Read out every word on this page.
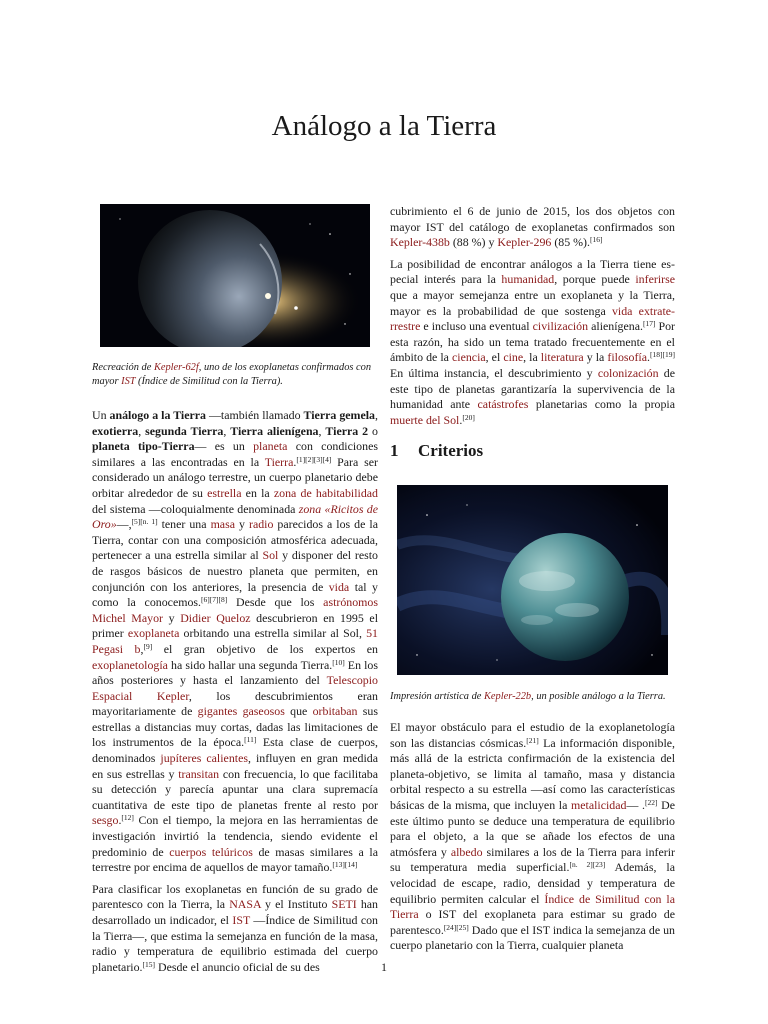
Análogo a la Tierra
Recreación de Kepler-62f, uno de los exoplanetas confirmados con mayor IST (Índice de Similitud con la Tierra).

Un análogo a la Tierra —también llamado Tierra gemela, exotierra, segunda Tierra, Tierra alienígena, Tierra 2 o planeta tipo-Tierra— es un planeta con condiciones similares a las encontradas en la Tierra.[1][2][3][4] Para ser considerado un análogo terrestre, un cuerpo planetario debe orbitar alrededor de su estrella en la zona de habitabilidad del sistema —coloquialmente denominada zona «Ricitos de Oro»—,[5][n. 1] tener una masa y radio parecidos a los de la Tierra, contar con una composición atmosférica adecuada, pertenecer a una estrella similar al Sol y disponer del resto de rasgos básicos de nuestro planeta que permiten, en conjunción con los anteriores, la presencia de vida tal y como la conocemos.[6][7][8] Desde que los astrónomos Michel Mayor y Didier Queloz descubrieron en 1995 el primer exoplaneta orbitando una estrella similar al Sol, 51 Pegasi b,[9] el gran objetivo de los expertos en exoplanetología ha sido hallar una segunda Tierra.[10] En los años posteriores y hasta el lanzamiento del Telescopio Espacial Kepler, los descubrimientos eran mayoritariamente de gigantes gaseosos que orbitaban sus estrellas a distancias muy cortas, dadas las limitaciones de los instrumentos de la época.[11] Esta clase de cuerpos, denominados jupíteres calientes, influyen en gran medida en sus estrellas y transitan con frecuencia, lo que facilitaba su detección y parecía apuntar una clara supremacía cuantitativa de este tipo de planetas frente al resto por sesgo.[12] Con el tiempo, la mejora en las herramientas de investigación invirtió la tendencia, siendo evidente el predominio de cuerpos telúricos de masas similares a la terrestre por encima de aquellos de mayor tamaño.[13][14]

Para clasificar los exoplanetas en función de su grado de parentesco con la Tierra, la NASA y el Instituto SETI han desarrollado un indicador, el IST —Índice de Similitud con la Tierra—, que estima la semejanza en función de la masa, radio y temperatura de equilibrio estimada del cuerpo planetario.[15] Desde el anuncio oficial de su des

cubrimiento el 6 de junio de 2015, los dos objetos con mayor IST del catálogo de exoplanetas confirmados son Kepler-438b (88 %) y Kepler-296 (85 %).[16]

La posibilidad de encontrar análogos a la Tierra tiene especial interés para la humanidad, porque puede inferirse que a mayor semejanza entre un exoplaneta y la Tierra, mayor es la probabilidad de que sostenga vida extraterrestre e incluso una eventual civilización alienígena.[17] Por esta razón, ha sido un tema tratado frecuentemente en el ámbito de la ciencia, el cine, la literatura y la filosofía.[18][19] En última instancia, el descubrimiento y colonización de este tipo de planetas garantizaría la supervivencia de la humanidad ante catástrofes planetarias como la propia muerte del Sol.[20]

1 Criterios
Impresión artística de Kepler-22b, un posible análogo a la Tierra.

El mayor obstáculo para el estudio de la exoplanetología son las distancias cósmicas.[21] La información disponible, más allá de la estricta confirmación de la existencia del planeta-objetivo, se limita al tamaño, masa y distancia orbital respecto a su estrella —así como las características básicas de la misma, que incluyen la metalicidad— .[22] De este último punto se deduce una temperatura de equilibrio para el objeto, a la que se añade los efectos de una atmósfera y albedo similares a los de la Tierra para inferir su temperatura media superficial.[n. 2][23] Además, la velocidad de escape, radio, densidad y temperatura de equilibrio permiten calcular el Índice de Similitud con la Tierra o IST del exoplaneta para estimar su grado de parentesco.[24][25] Dado que el IST indica la semejanza de un cuerpo planetario con la Tierra, cualquier planeta

1
